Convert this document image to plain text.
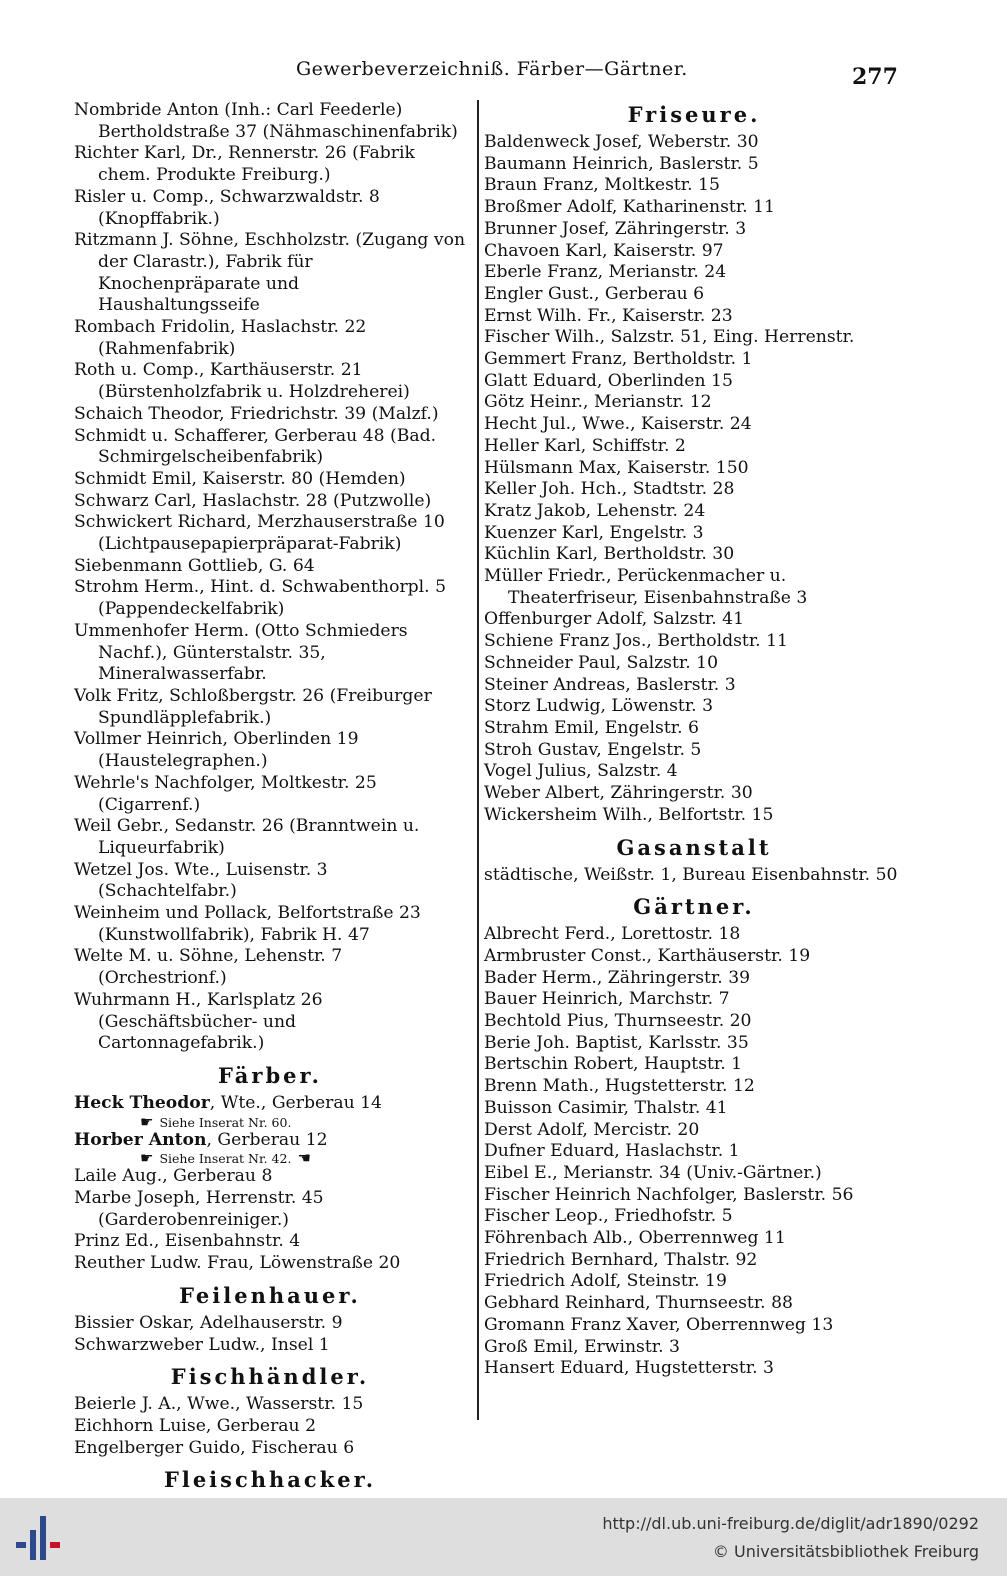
Gewerbeverzeichniß. Färber—Gärtner.	277
Nombride Anton (Inh.: Carl Feederle) Bertholdstraße 37 (Nähmaschinenfabrik)
Richter Karl, Dr., Rennerstr. 26 (Fabrik chem. Produkte Freiburg.)
Risler u. Comp., Schwarzwaldstr. 8 (Knopffabrik.)
Ritzmann J. Söhne, Eschholzstr. (Zugang von der Clarastr.), Fabrik für Knochenpräparate und Haushaltungsseife
Rombach Fridolin, Haslachstr. 22 (Rahmenfabrik)
Roth u. Comp., Karthäuserstr. 21 (Bürstenholzfabrik u. Holzdreherei)
Schaich Theodor, Friedrichstr. 39 (Malzf.)
Schmidt u. Schafferer, Gerberau 48 (Bad. Schmirgelscheibenfabrik)
Schmidt Emil, Kaiserstr. 80 (Hemden)
Schwarz Carl, Haslachstr. 28 (Putzwolle)
Schwickert Richard, Merzhauserstraße 10 (Lichtpausepapierpräparat-Fabrik)
Siebenmann Gottlieb, G. 64
Strohm Herm., Hint. d. Schwabenthorpl. 5 (Pappendeckelfabrik)
Ummenhofer Herm. (Otto Schmieders Nachf.), Günterstalstr. 35, Mineralwasserfabr.
Volk Fritz, Schloßbergstr. 26 (Freiburger Spundläpplefabrik.)
Vollmer Heinrich, Oberlinden 19 (Haustelegraphen.)
Wehrle's Nachfolger, Moltkestr. 25 (Cigarrenf.)
Weil Gebr., Sedanstr. 26 (Branntwein u. Liqueurfabrik)
Wetzel Jos. Wte., Luisenstr. 3 (Schachtelfabr.)
Weinheim und Pollack, Belfortstraße 23 (Kunstwollfabrik), Fabrik H. 47
Welte M. u. Söhne, Lehenstr. 7 (Orchestrionf.)
Wuhrmann H., Karlsplatz 26 (Geschäftsbücher- und Cartonnagefabrik.)
Färber.
Heck Theodor, Wte., Gerberau 14
☛ Siehe Inserat Nr. 60.
Horber Anton, Gerberau 12
☛ Siehe Inserat Nr. 42. ☚
Laile Aug., Gerberau 8
Marbe Joseph, Herrenstr. 45 (Garderobenreiniger.)
Prinz Ed., Eisenbahnstr. 4
Reuther Ludw. Frau, Löwenstraße 20
Feilenhauer.
Bissier Oskar, Adelhauserstr. 9
Schwarzweber Ludw., Insel 1
Fischhändler.
Beierle J. A., Wwe., Wasserstr. 15
Eichhorn Luise, Gerberau 2
Engelberger Guido, Fischerau 6
Fleischhacker.
Friseure.
Baldenweck Josef, Weberstr. 30
Baumann Heinrich, Baslerstr. 5
Braun Franz, Moltkestr. 15
Broßmer Adolf, Katharinenstr. 11
Brunner Josef, Zähringerstr. 3
Chavoen Karl, Kaiserstr. 97
Eberle Franz, Merianstr. 24
Engler Gust., Gerberau 6
Ernst Wilh. Fr., Kaiserstr. 23
Fischer Wilh., Salzstr. 51, Eing. Herrenstr.
Gemmert Franz, Bertholdstr. 1
Glatt Eduard, Oberlinden 15
Götz Heinr., Merianstr. 12
Hecht Jul., Wwe., Kaiserstr. 24
Heller Karl, Schiffstr. 2
Hülsmann Max, Kaiserstr. 150
Keller Joh. Hch., Stadtstr. 28
Kratz Jakob, Lehenstr. 24
Kuenzer Karl, Engelstr. 3
Küchlin Karl, Bertholdstr. 30
Müller Friedr., Perückenmacher u. Theaterfriseur, Eisenbahnstraße 3
Offenburger Adolf, Salzstr. 41
Schiene Franz Jos., Bertholdstr. 11
Schneider Paul, Salzstr. 10
Steiner Andreas, Baslerstr. 3
Storz Ludwig, Löwenstr. 3
Strahm Emil, Engelstr. 6
Stroh Gustav, Engelstr. 5
Vogel Julius, Salzstr. 4
Weber Albert, Zähringerstr. 30
Wickersheim Wilh., Belfortstr. 15
Gasanstalt
städtische, Weißstr. 1, Bureau Eisenbahnstr. 50
Gärtner.
Albrecht Ferd., Lorettostr. 18
Armbruster Const., Karthäuserstr. 19
Bader Herm., Zähringerstr. 39
Bauer Heinrich, Marchstr. 7
Bechtold Pius, Thurnseestr. 20
Berie Joh. Baptist, Karlsstr. 35
Bertschin Robert, Hauptstr. 1
Brenn Math., Hugstetterstr. 12
Buisson Casimir, Thalstr. 41
Derst Adolf, Mercistr. 20
Dufner Eduard, Haslachstr. 1
Eibel E., Merianstr. 34 (Univ.-Gärtner.)
Fischer Heinrich Nachfolger, Baslerstr. 56
Fischer Leop., Friedhofstr. 5
Föhrenbach Alb., Oberrennweg 11
Friedrich Bernhard, Thalstr. 92
Friedrich Adolf, Steinstr. 19
Gebhard Reinhard, Thurnseestr. 88
Gromann Franz Xaver, Oberrennweg 13
Groß Emil, Erwinstr. 3
Hansert Eduard, Hugstetterstr. 3
http://dl.ub.uni-freiburg.de/diglit/adr1890/0292
© Universitätsbibliothek Freiburg
